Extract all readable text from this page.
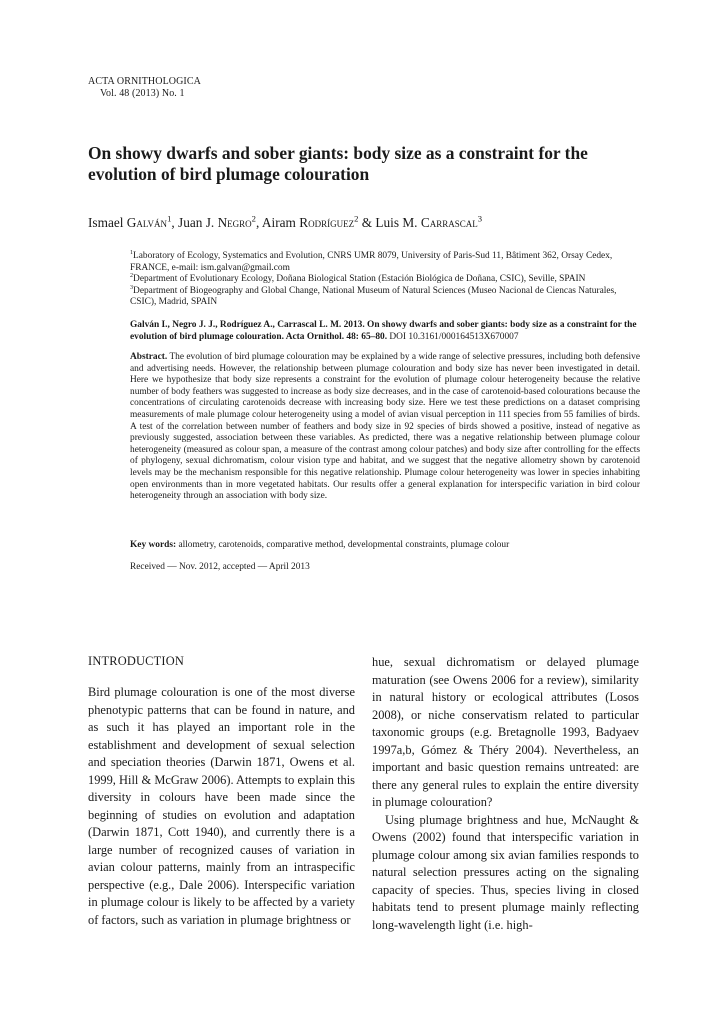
ACTA ORNITHOLOGICA
Vol. 48 (2013) No. 1
On showy dwarfs and sober giants: body size as a constraint for the evolution of bird plumage colouration
Ismael Galván$^1$, Juan J. Negro$^2$, Airam Rodríguez$^2$ & Luis M. Carrascal$^3$

$^1$Laboratory of Ecology, Systematics and Evolution, CNRS UMR 8079, University of Paris-Sud 11, Bâtiment 362, Orsay Cedex, FRANCE, e-mail: ism.galvan@gmail.com

$^2$Department of Evolutionary Ecology, Doñana Biological Station (Estación Biológica de Doñana, CSIC), Seville, SPAIN

$^3$Department of Biogeography and Global Change, National Museum of Natural Sciences (Museo Nacional de Ciencas Naturales, CSIC), Madrid, SPAIN

Galván I., Negro J. J., Rodríguez A., Carrascal L. M. 2013. On showy dwarfs and sober giants: body size as a constraint for the evolution of bird plumage colouration. Acta Ornithol. 48: 65–80. DOI 10.3161/000164513X670007
Abstract. The evolution of bird plumage colouration may be explained by a wide range of selective pressures, including both defensive and advertising needs. However, the relationship between plumage colouration and body size has never been investigated in detail. Here we hypothesize that body size represents a constraint for the evolution of plumage colour heterogeneity because the relative number of body feathers was suggested to increase as body size decreases, and in the case of carotenoid-based colourations because the concentrations of circulating carotenoids decrease with increasing body size. Here we test these predictions on a dataset comprising measurements of male plumage colour heterogeneity using a model of avian visual perception in 111 species from 55 families of birds. A test of the correlation between number of feathers and body size in 92 species of birds showed a positive, instead of negative as previously suggested, association between these variables. As predicted, there was a negative relationship between plumage colour heterogeneity (measured as colour span, a measure of the contrast among colour patches) and body size after controlling for the effects of phylogeny, sexual dichromatism, colour vision type and habitat, and we suggest that the negative allometry shown by carotenoid levels may be the mechanism responsible for this negative relationship. Plumage colour heterogeneity was lower in species inhabiting open environments than in more vegetated habitats. Our results offer a general explanation for interspecific variation in bird colour heterogeneity through an association with body size.
Key words: allometry, carotenoids, comparative method, developmental constraints, plumage colour
Received — Nov. 2012, accepted — April 2013
INTRODUCTION

Bird plumage colouration is one of the most diverse phenotypic patterns that can be found in nature, and as such it has played an important role in the establishment and development of sexual selection and speciation theories (Darwin 1871, Owens et al. 1999, Hill & McGraw 2006). Attempts to explain this diversity in colours have been made since the beginning of studies on evolution and adaptation (Darwin 1871, Cott 1940), and currently there is a large number of recognized causes of variation in avian colour patterns, mainly from an intraspecific perspective (e.g., Dale 2006). Interspecific variation in plumage colour is likely to be affected by a variety of factors, such as variation in plumage brightness or

hue, sexual dichromatism or delayed plumage maturation (see Owens 2006 for a review), similarity in natural history or ecological attributes (Losos 2008), or niche conservatism related to particular taxonomic groups (e.g. Bretagnolle 1993, Badyaev 1997a,b, Gómez & Théry 2004). Nevertheless, an important and basic question remains untreated: are there any general rules to explain the entire diversity in plumage colouration?

Using plumage brightness and hue, McNaught & Owens (2002) found that interspecific variation in plumage colour among six avian families responds to natural selection pressures acting on the signaling capacity of species. Thus, species living in closed habitats tend to present plumage mainly reflecting long-wavelength light (i.e. high-
